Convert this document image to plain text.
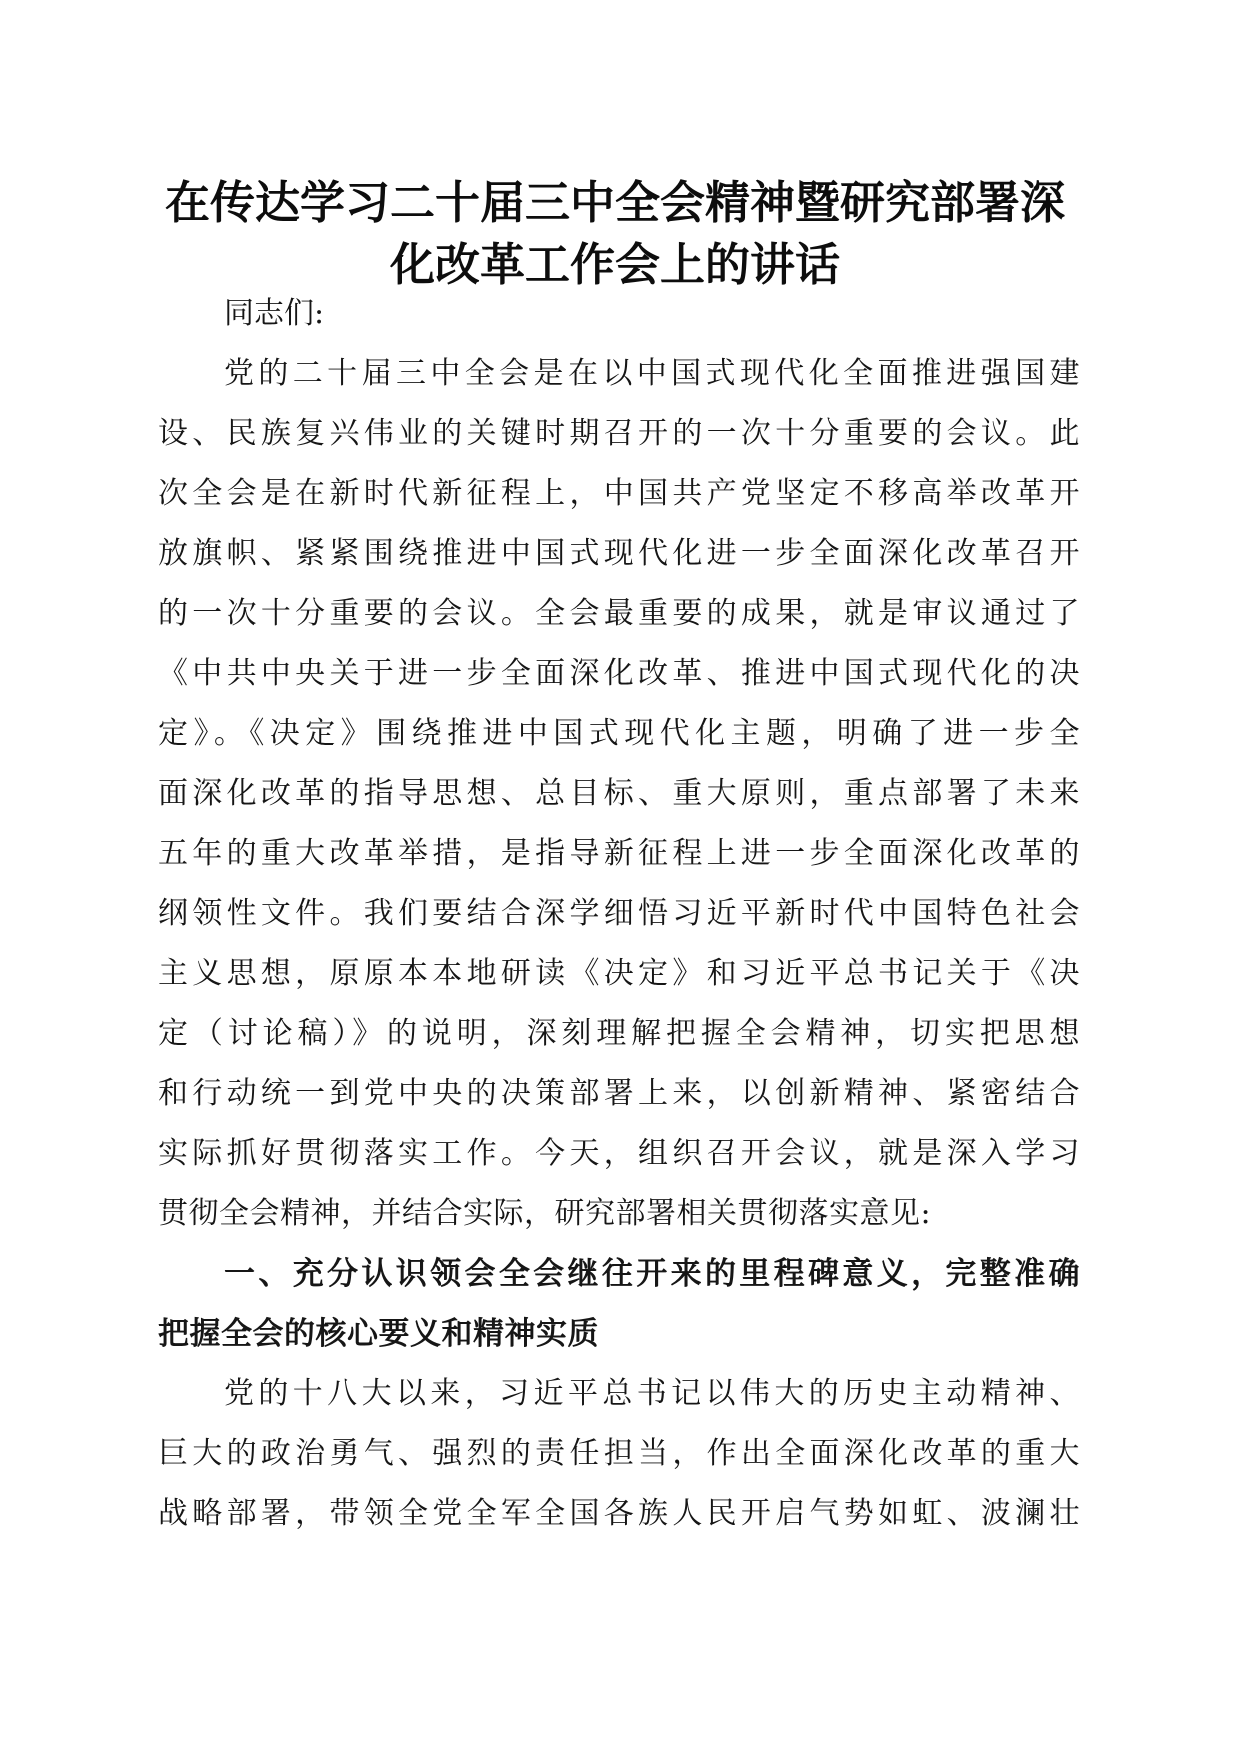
在传达学习二十届三中全会精神暨研究部署深
化改革工作会上的讲话
同志们:
党的二十届三中全会是在以中国式现代化全面推进强国建
设、民族复兴伟业的关键时期召开的一次十分重要的会议。此
次全会是在新时代新征程上，中国共产党坚定不移高举改革开
放旗帜、紧紧围绕推进中国式现代化进一步全面深化改革召开
的一次十分重要的会议。全会最重要的成果，就是审议通过了
《中共中央关于进一步全面深化改革、推进中国式现代化的决
定》。《决定》围绕推进中国式现代化主题，明确了进一步全
面深化改革的指导思想、总目标、重大原则，重点部署了未来
五年的重大改革举措，是指导新征程上进一步全面深化改革的
纲领性文件。我们要结合深学细悟习近平新时代中国特色社会
主义思想，原原本本地研读《决定》和习近平总书记关于《决
定（讨论稿）》的说明，深刻理解把握全会精神，切实把思想
和行动统一到党中央的决策部署上来，以创新精神、紧密结合
实际抓好贯彻落实工作。今天，组织召开会议，就是深入学习
贯彻全会精神，并结合实际，研究部署相关贯彻落实意见:
一、充分认识领会全会继往开来的里程碑意义，完整准确
把握全会的核心要义和精神实质
党的十八大以来，习近平总书记以伟大的历史主动精神、
巨大的政治勇气、强烈的责任担当，作出全面深化改革的重大
战略部署，带领全党全军全国各族人民开启气势如虹、波澜壮
